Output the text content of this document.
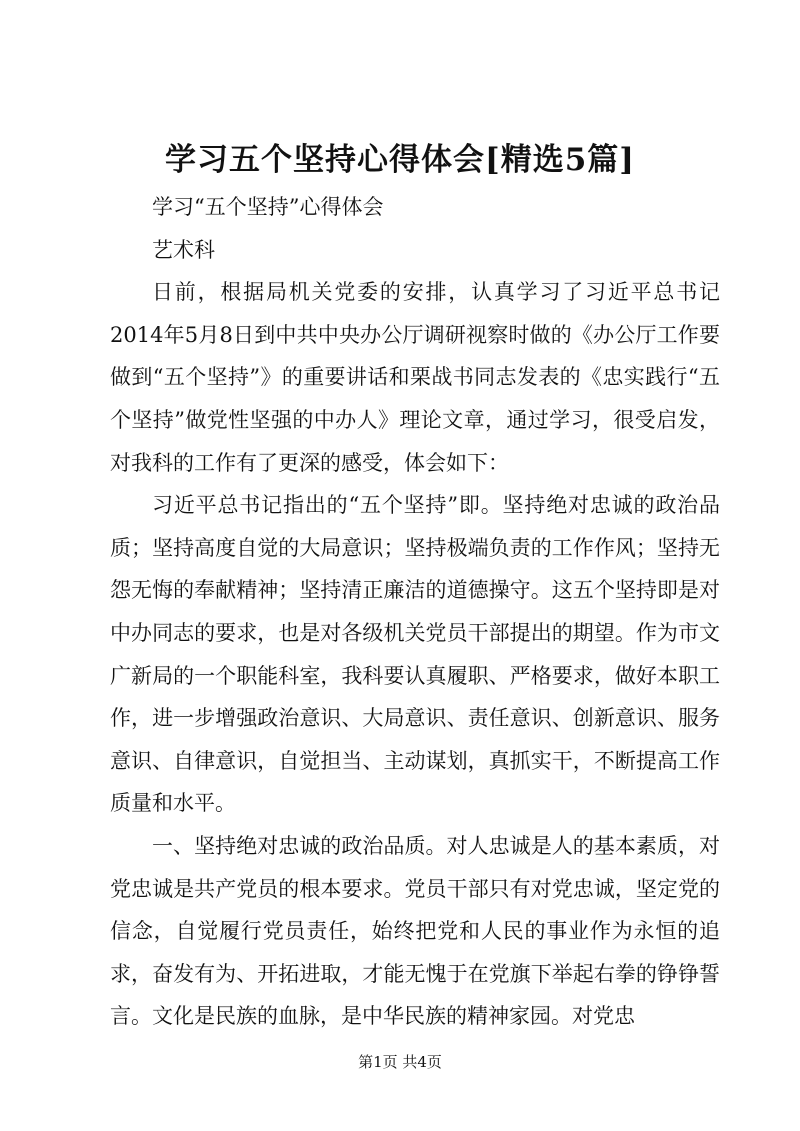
学习五个坚持心得体会[精选5篇]

学习“五个坚持”心得体会

艺术科

日前，根据局机关党委的安排，认真学习了习近平总书记2014年5月8日到中共中央办公厅调研视察时做的《办公厅工作要做到“五个坚持”》的重要讲话和栗战书同志发表的《忠实践行“五个坚持”做党性坚强的中办人》理论文章，通过学习，很受启发，对我科的工作有了更深的感受，体会如下：

习近平总书记指出的“五个坚持”即。坚持绝对忠诚的政治品质；坚持高度自觉的大局意识；坚持极端负责的工作作风；坚持无怨无悔的奉献精神；坚持清正廉洁的道德操守。这五个坚持即是对中办同志的要求，也是对各级机关党员干部提出的期望。作为市文广新局的一个职能科室，我科要认真履职、严格要求，做好本职工作，进一步增强政治意识、大局意识、责任意识、创新意识、服务意识、自律意识，自觉担当、主动谋划，真抓实干，不断提高工作质量和水平。

一、坚持绝对忠诚的政治品质。对人忠诚是人的基本素质，对党忠诚是共产党员的根本要求。党员干部只有对党忠诚，坚定党的信念，自觉履行党员责任，始终把党和人民的事业作为永恒的追求，奋发有为、开拓进取，才能无愧于在党旗下举起右拳的铮铮誓言。文化是民族的血脉，是中华民族的精神家园。对党忠

第1页 共4页
